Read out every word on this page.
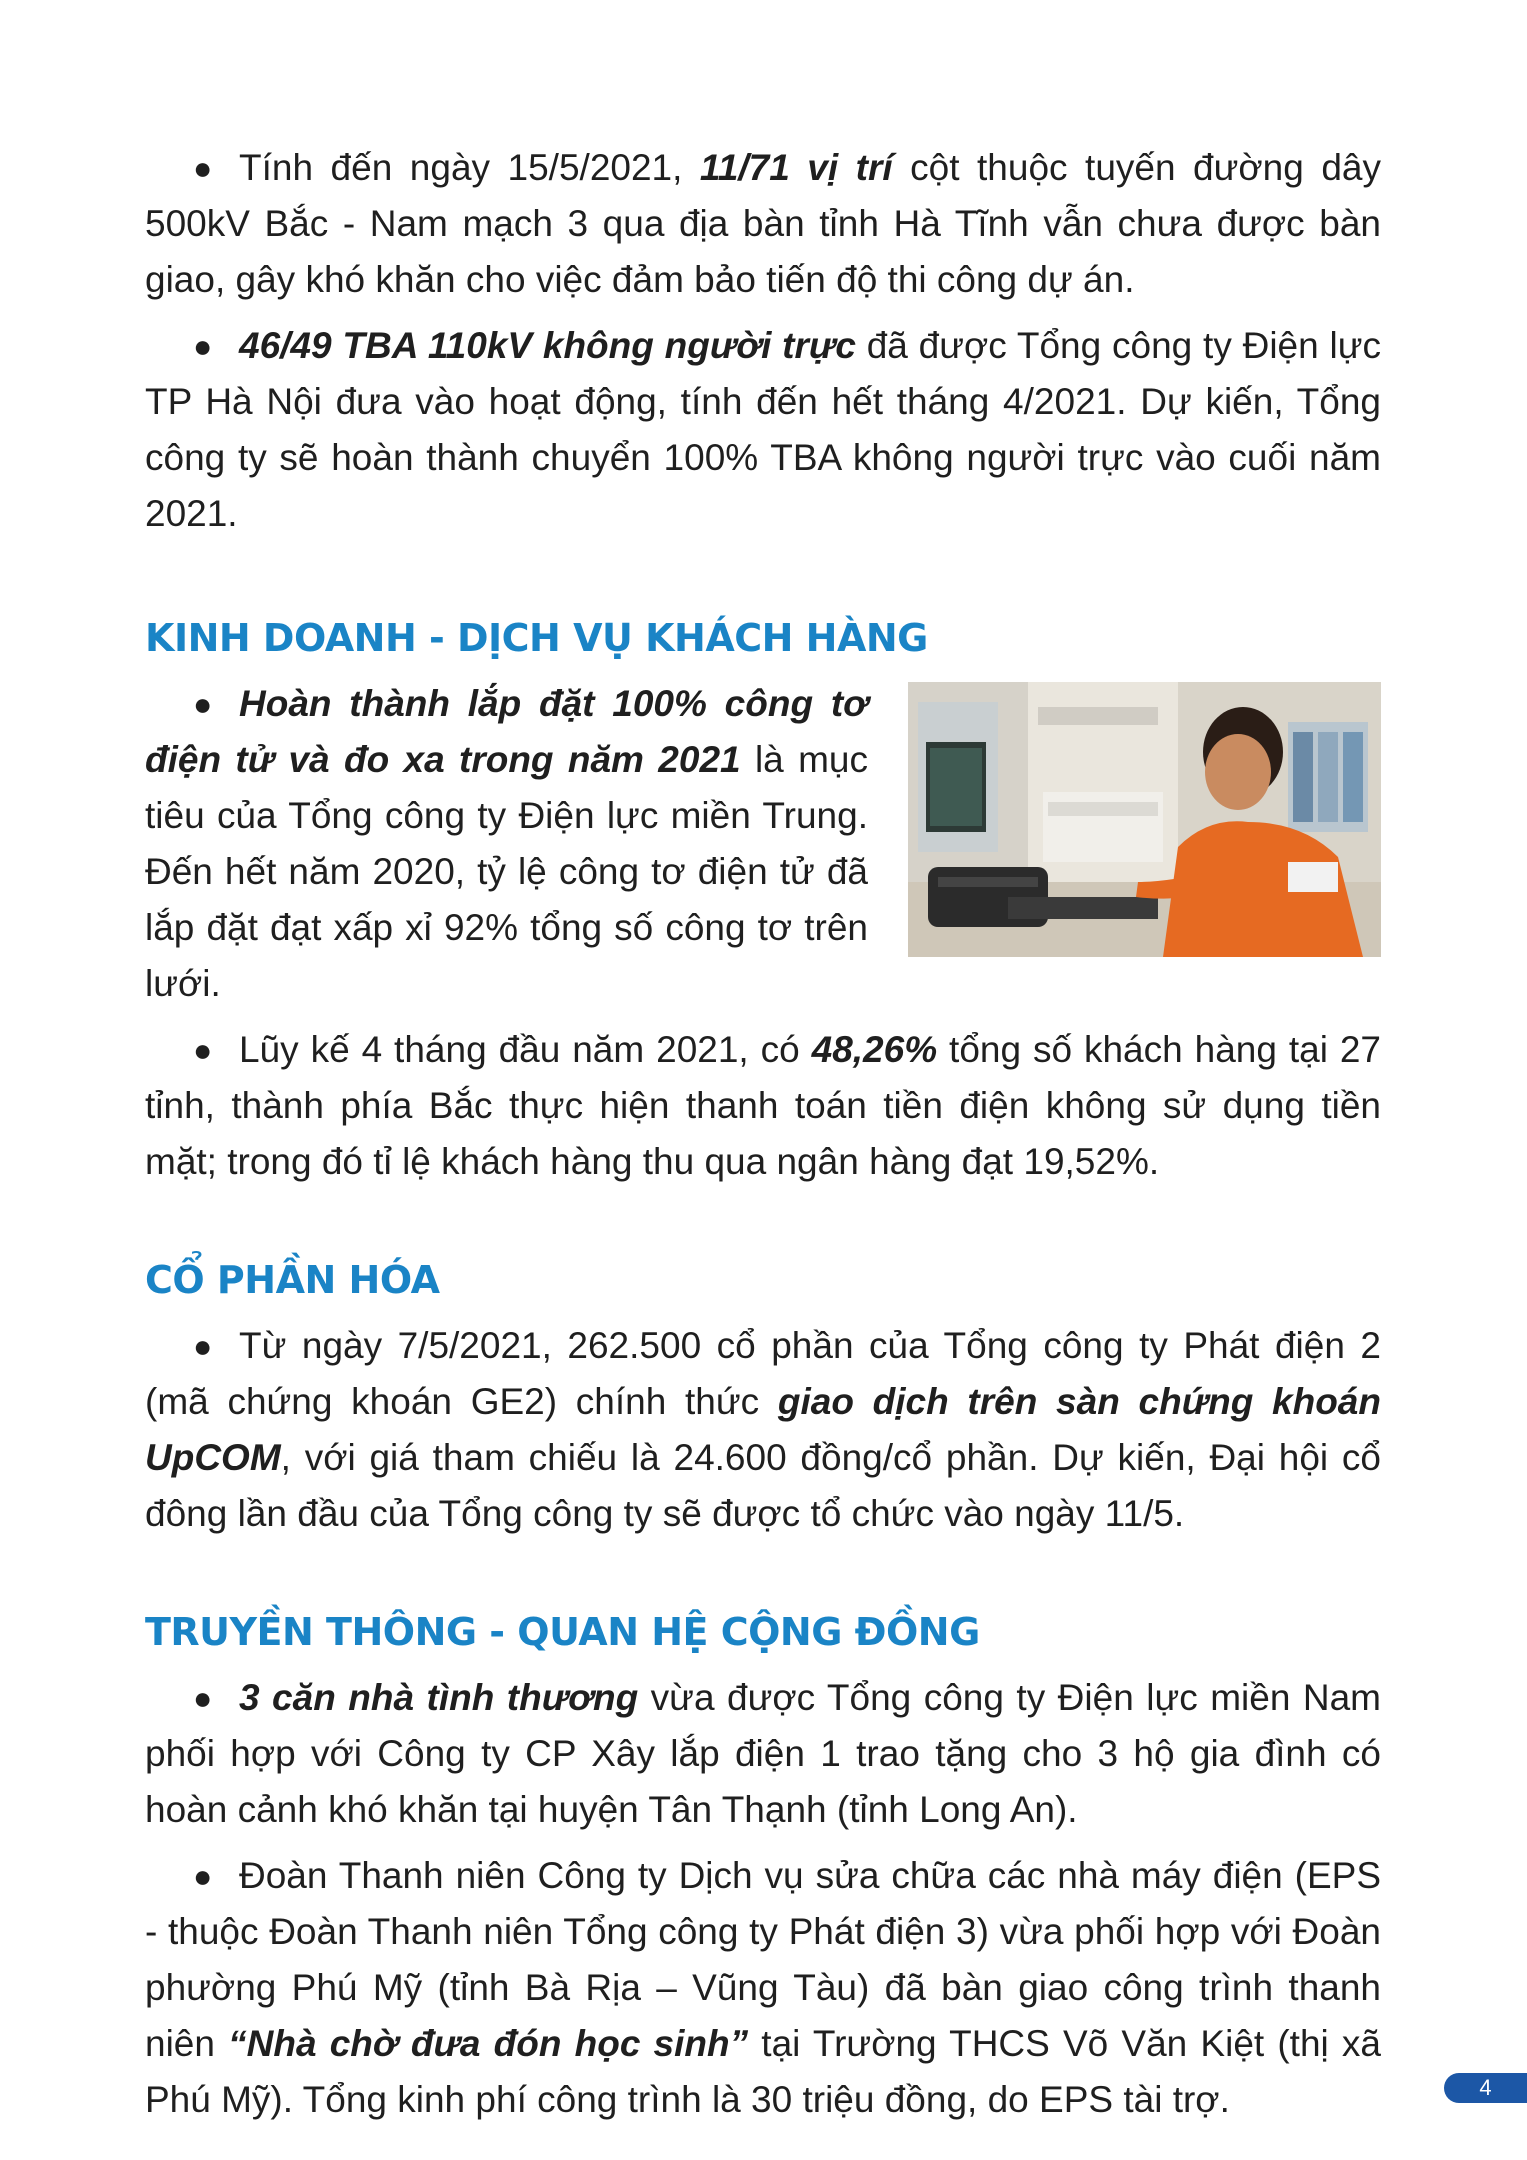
● Tính đến ngày 15/5/2021, 11/71 vị trí cột thuộc tuyến đường dây 500kV Bắc - Nam mạch 3 qua địa bàn tỉnh Hà Tĩnh vẫn chưa được bàn giao, gây khó khăn cho việc đảm bảo tiến độ thi công dự án.

● 46/49 TBA 110kV không người trực đã được Tổng công ty Điện lực TP Hà Nội đưa vào hoạt động, tính đến hết tháng 4/2021. Dự kiến, Tổng công ty sẽ hoàn thành chuyển 100% TBA không người trực vào cuối năm 2021.

KINH DOANH - DỊCH VỤ KHÁCH HÀNG

● Hoàn thành lắp đặt 100% công tơ điện tử và đo xa trong năm 2021 là mục tiêu của Tổng công ty Điện lực miền Trung. Đến hết năm 2020, tỷ lệ công tơ điện tử đã lắp đặt đạt xấp xỉ 92% tổng số công tơ trên lưới.

● Lũy kế 4 tháng đầu năm 2021, có 48,26% tổng số khách hàng tại 27 tỉnh, thành phía Bắc thực hiện thanh toán tiền điện không sử dụng tiền mặt; trong đó tỉ lệ khách hàng thu qua ngân hàng đạt 19,52%.

CỔ PHẦN HÓA

● Từ ngày 7/5/2021, 262.500 cổ phần của Tổng công ty Phát điện 2 (mã chứng khoán GE2) chính thức giao dịch trên sàn chứng khoán UpCOM, với giá tham chiếu là 24.600 đồng/cổ phần. Dự kiến, Đại hội cổ đông lần đầu của Tổng công ty sẽ được tổ chức vào ngày 11/5.

TRUYỀN THÔNG - QUAN HỆ CỘNG ĐỒNG

● 3 căn nhà tình thương vừa được Tổng công ty Điện lực miền Nam phối hợp với Công ty CP Xây lắp điện 1 trao tặng cho 3 hộ gia đình có hoàn cảnh khó khăn tại huyện Tân Thạnh (tỉnh Long An).

● Đoàn Thanh niên Công ty Dịch vụ sửa chữa các nhà máy điện (EPS - thuộc Đoàn Thanh niên Tổng công ty Phát điện 3) vừa phối hợp với Đoàn phường Phú Mỹ (tỉnh Bà Rịa – Vũng Tàu) đã bàn giao công trình thanh niên “Nhà chờ đưa đón học sinh” tại Trường THCS Võ Văn Kiệt (thị xã Phú Mỹ). Tổng kinh phí công trình là 30 triệu đồng, do EPS tài trợ.	4
